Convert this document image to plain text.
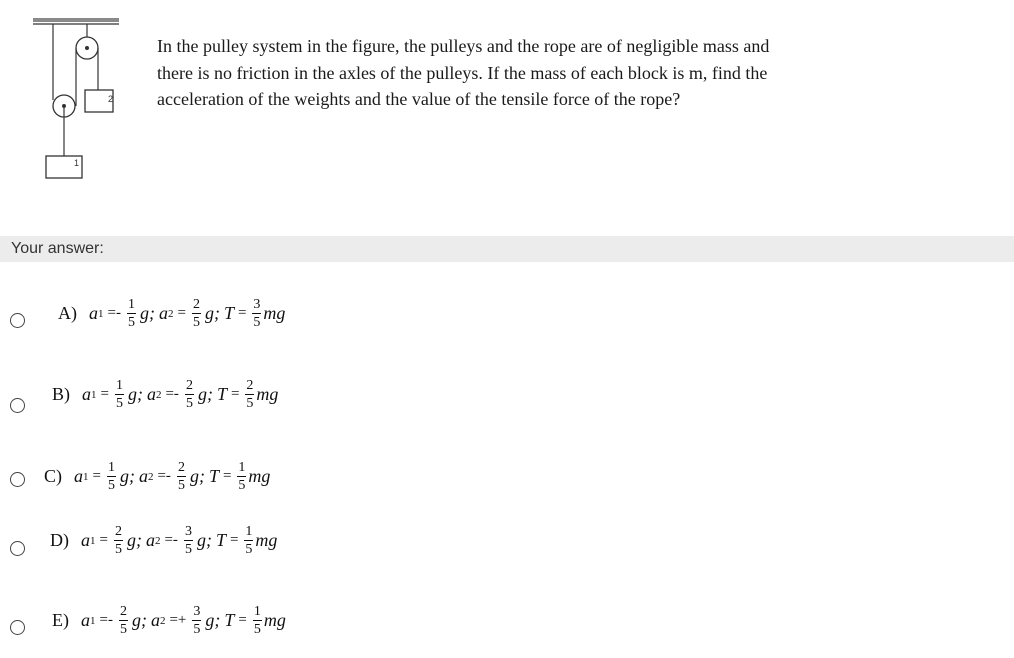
2
1
In the pulley system in the figure, the pulleys and the rope are of negligible mass and there is no friction in the axles of the pulleys. If the mass of each block is m, find the acceleration of the weights and the value of the tensile force of the rope?
Your answer:
A) a $1 =- \frac{1}{5} g$; a $2 = \frac{2}{5} g$; $T = \frac{3}{5}$ mg
B) a $1 = \frac{1}{5} g$; a $2 =- \frac{2}{5} g$; $T = \frac{2}{5}$ mg
C) a $1 = \frac{1}{5} g$; a $2 =- \frac{2}{5} g$; $T = \frac{1}{5}$ mg
D) a $1 = \frac{2}{5} g$; a $2 =- \frac{3}{5} g$; $T = \frac{1}{5}$ mg
E) a $1 =- \frac{2}{5} g$; a $2 =+ \frac{3}{5} g$; $T = \frac{1}{5}$ mg
